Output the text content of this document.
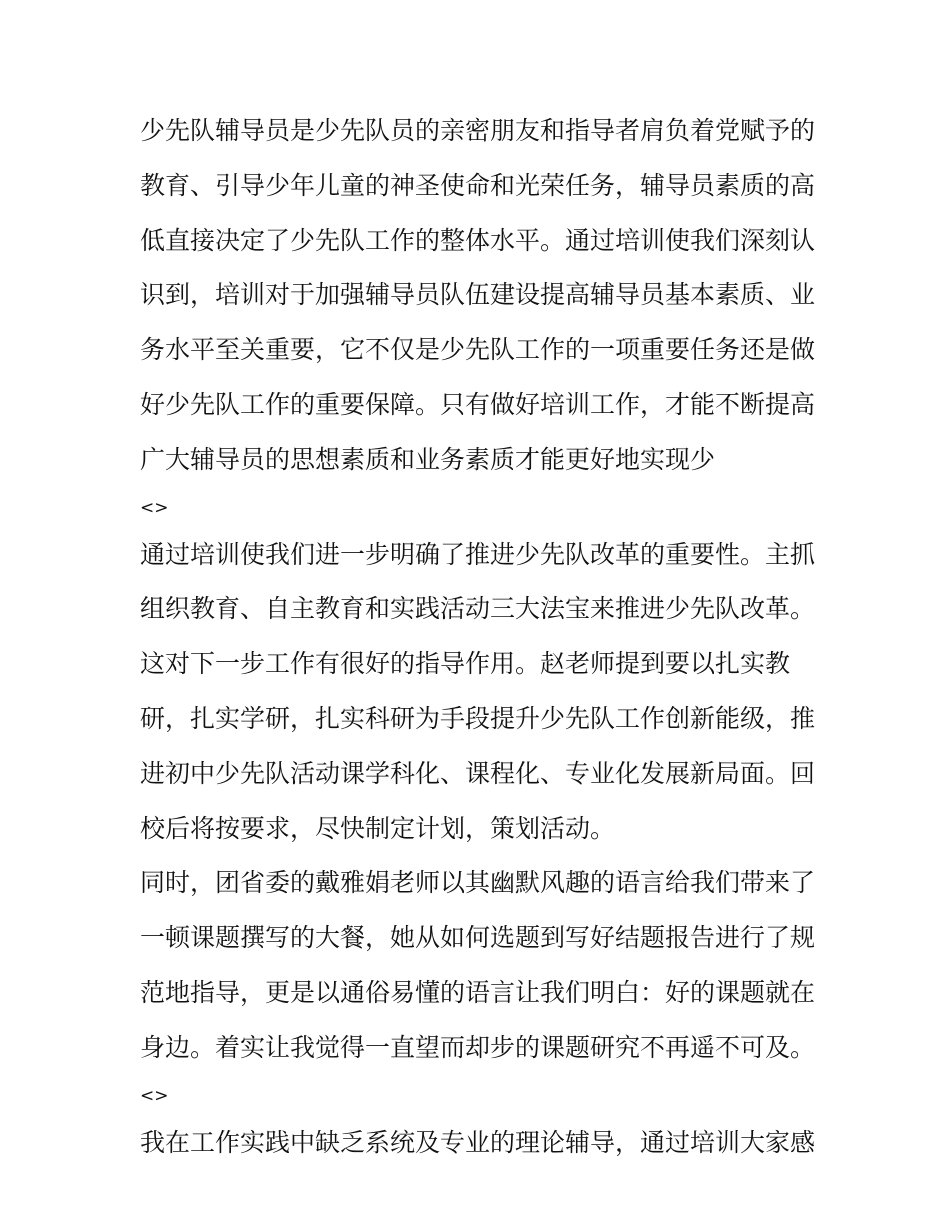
少先队辅导员是少先队员的亲密朋友和指导者肩负着党赋予的
教育、引导少年儿童的神圣使命和光荣任务，辅导员素质的高
低直接决定了少先队工作的整体水平。通过培训使我们深刻认
识到，培训对于加强辅导员队伍建设提高辅导员基本素质、业
务水平至关重要，它不仅是少先队工作的一项重要任务还是做
好少先队工作的重要保障。只有做好培训工作，才能不断提高
广大辅导员的思想素质和业务素质才能更好地实现少
<>
通过培训使我们进一步明确了推进少先队改革的重要性。主抓
组织教育、自主教育和实践活动三大法宝来推进少先队改革。
这对下一步工作有很好的指导作用。赵老师提到要以扎实教
研，扎实学研，扎实科研为手段提升少先队工作创新能级，推
进初中少先队活动课学科化、课程化、专业化发展新局面。回
校后将按要求，尽快制定计划，策划活动。
同时，团省委的戴雅娟老师以其幽默风趣的语言给我们带来了
一顿课题撰写的大餐，她从如何选题到写好结题报告进行了规
范地指导，更是以通俗易懂的语言让我们明白：好的课题就在
身边。着实让我觉得一直望而却步的课题研究不再遥不可及。
<>
我在工作实践中缺乏系统及专业的理论辅导，通过培训大家感
